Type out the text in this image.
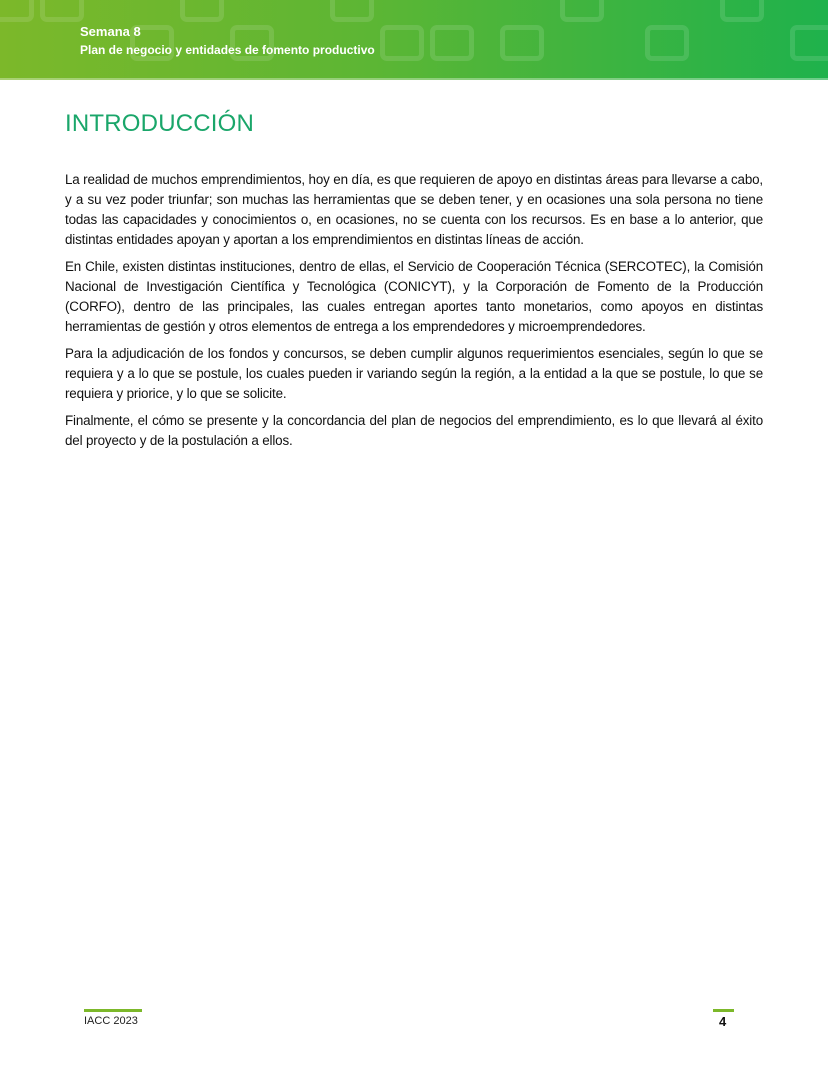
Semana 8
Plan de negocio y entidades de fomento productivo
INTRODUCCIÓN

La realidad de muchos emprendimientos, hoy en día, es que requieren de apoyo en distintas áreas para llevarse a cabo, y a su vez poder triunfar; son muchas las herramientas que se deben tener, y en ocasiones una sola persona no tiene todas las capacidades y conocimientos o, en ocasiones, no se cuenta con los recursos. Es en base a lo anterior, que distintas entidades apoyan y aportan a los emprendimientos en distintas líneas de acción.

En Chile, existen distintas instituciones, dentro de ellas, el Servicio de Cooperación Técnica (SERCOTEC), la Comisión Nacional de Investigación Científica y Tecnológica (CONICYT), y la Corporación de Fomento de la Producción (CORFO), dentro de las principales, las cuales entregan aportes tanto monetarios, como apoyos en distintas herramientas de gestión y otros elementos de entrega a los emprendedores y microemprendedores.

Para la adjudicación de los fondos y concursos, se deben cumplir algunos requerimientos esenciales, según lo que se requiera y a lo que se postule, los cuales pueden ir variando según la región, a la entidad a la que se postule, lo que se requiera y priorice, y lo que se solicite.

Finalmente, el cómo se presente y la concordancia del plan de negocios del emprendimiento, es lo que llevará al éxito del proyecto y de la postulación a ellos.

IACC 2023	4
